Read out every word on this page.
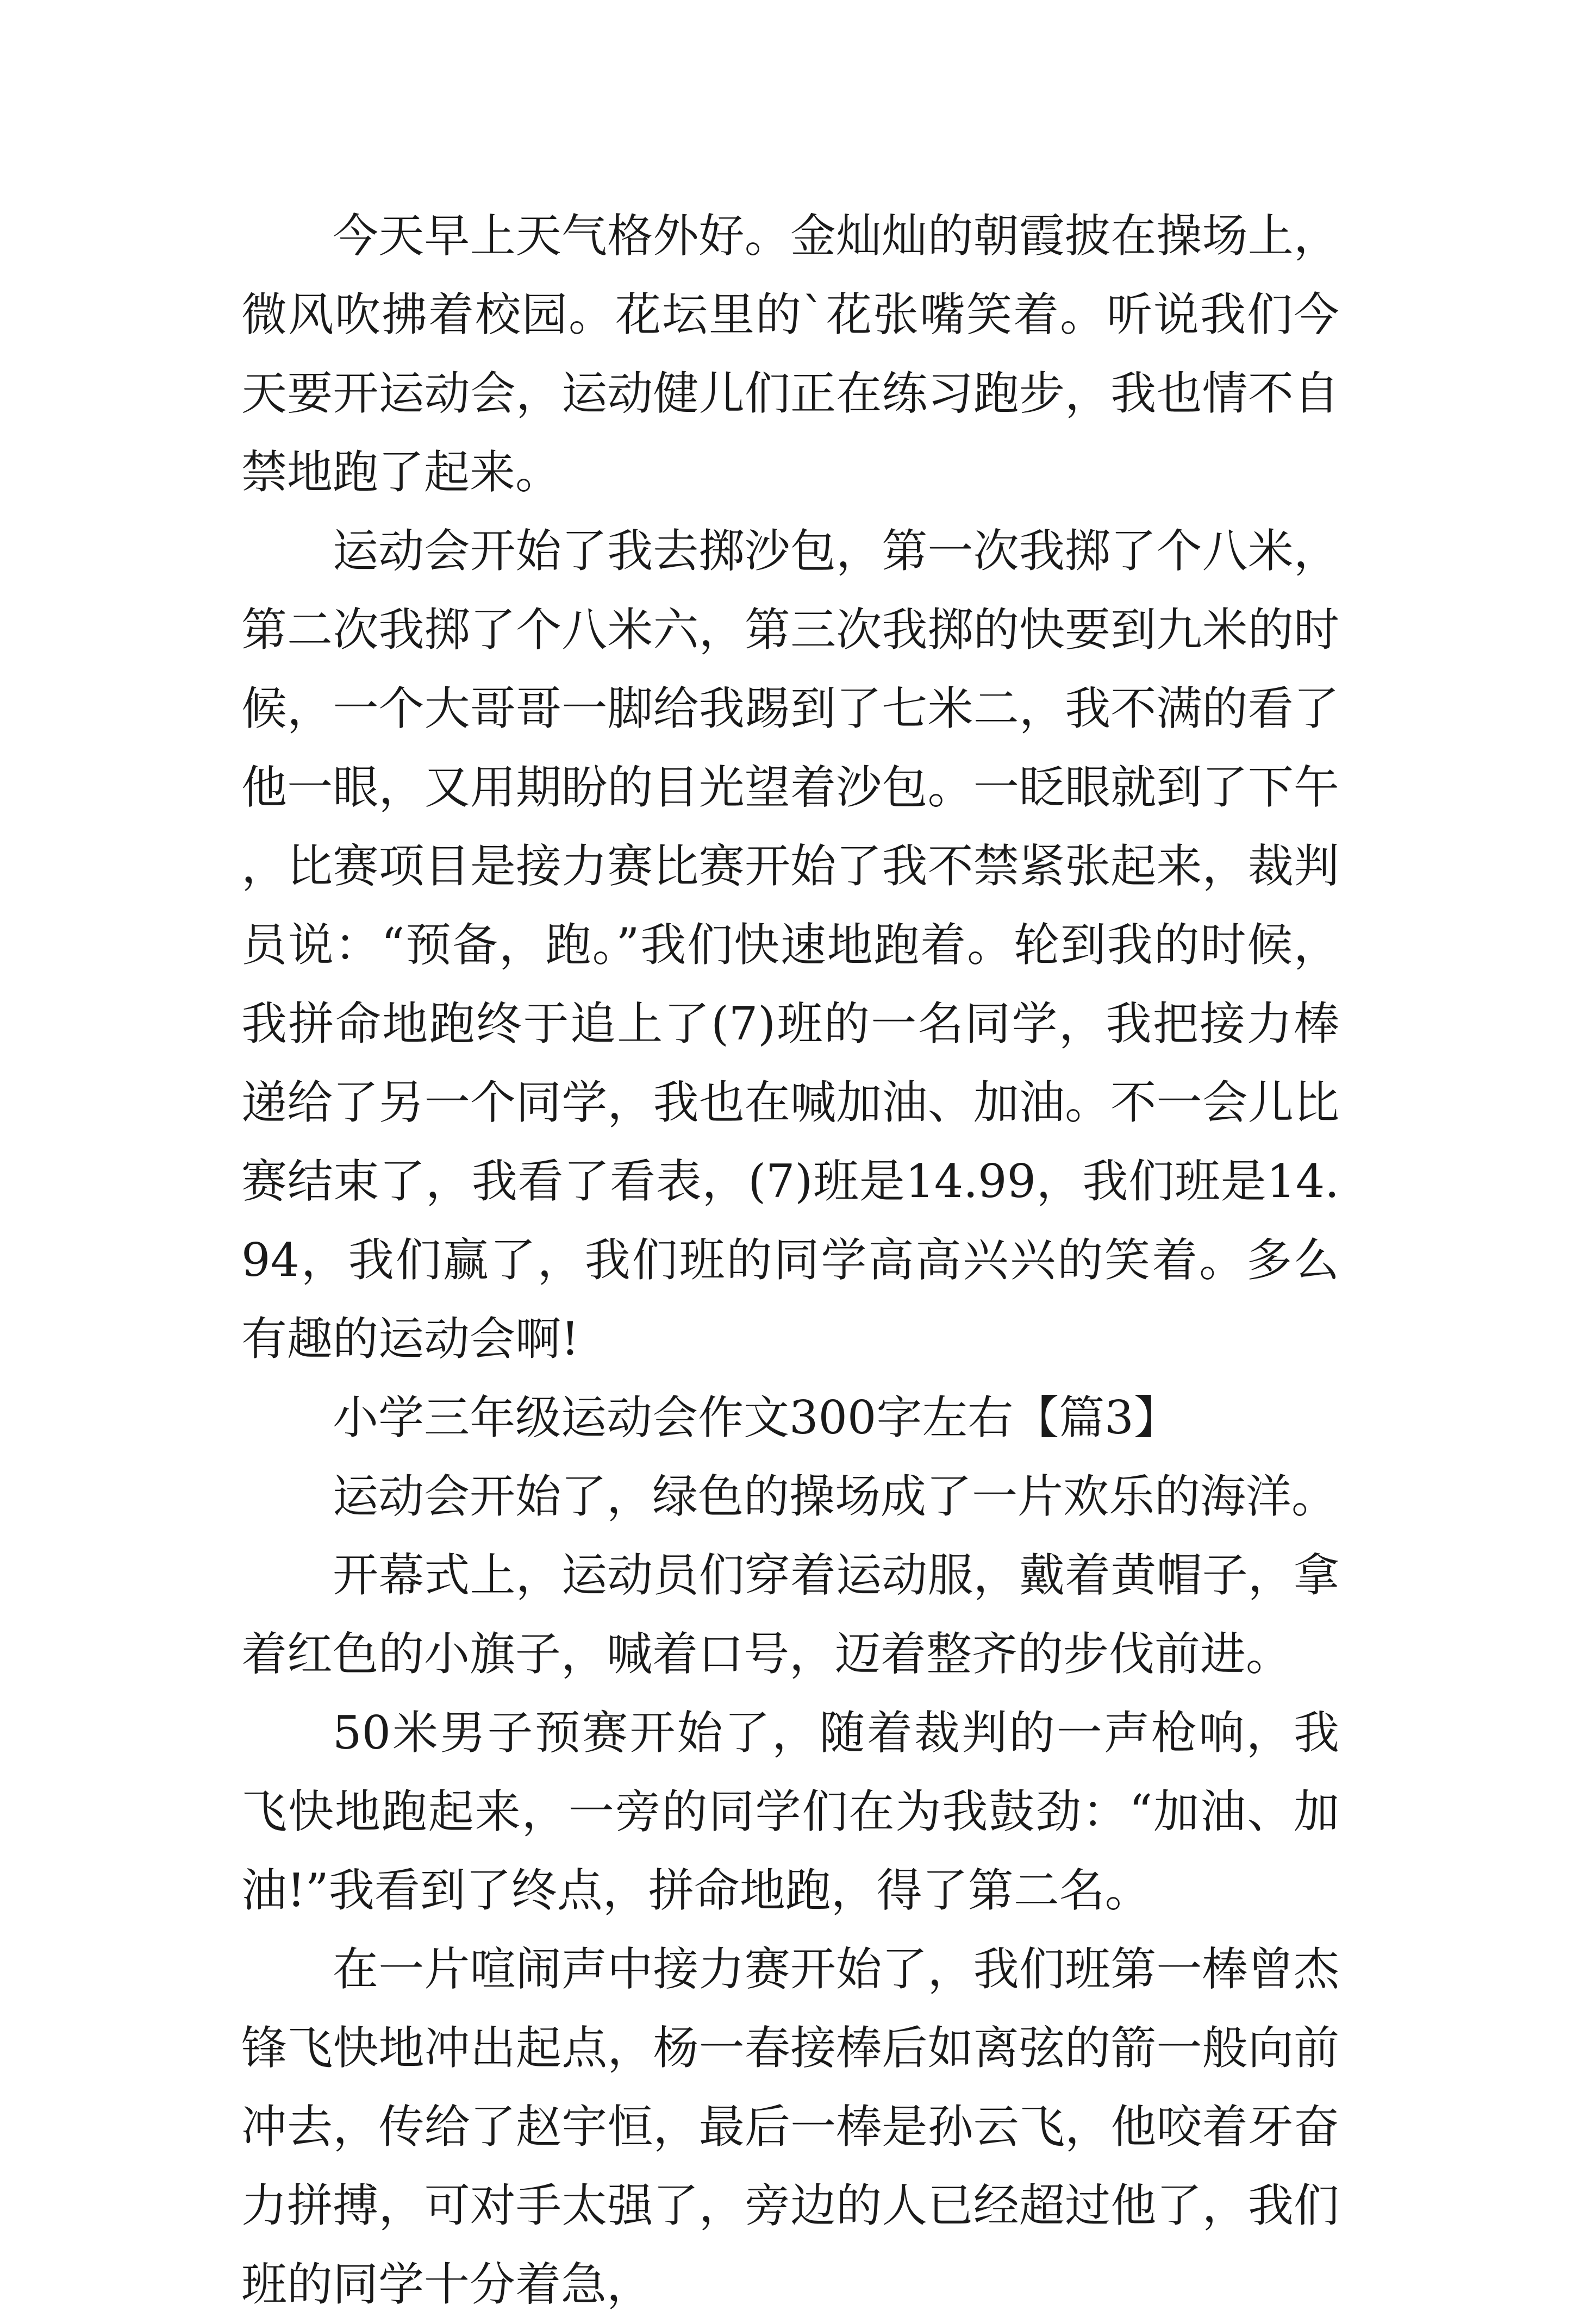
今天早上天气格外好。金灿灿的朝霞披在操场上，微风吹拂着校园。花坛里的`花张嘴笑着。听说我们今天要开运动会，运动健儿们正在练习跑步，我也情不自禁地跑了起来。

运动会开始了我去掷沙包，第一次我掷了个八米，第二次我掷了个八米六，第三次我掷的快要到九米的时候，一个大哥哥一脚给我踢到了七米二，我不满的看了他一眼，又用期盼的目光望着沙包。一眨眼就到了下午，比赛项目是接力赛比赛开始了我不禁紧张起来，裁判员说：“预备，跑。”我们快速地跑着。轮到我的时候，我拼命地跑终于追上了(7)班的一名同学，我把接力棒递给了另一个同学，我也在喊加油、加油。不一会儿比赛结束了，我看了看表，(7)班是14.99，我们班是14.94，我们赢了，我们班的同学高高兴兴的笑着。多么有趣的运动会啊!

小学三年级运动会作文300字左右【篇3】

运动会开始了，绿色的操场成了一片欢乐的海洋。

开幕式上，运动员们穿着运动服，戴着黄帽子，拿着红色的小旗子，喊着口号，迈着整齐的步伐前进。

50米男子预赛开始了，随着裁判的一声枪响，我飞快地跑起来，一旁的同学们在为我鼓劲：“加油、加油!”我看到了终点，拼命地跑，得了第二名。

在一片喧闹声中接力赛开始了，我们班第一棒曾杰锋飞快地冲出起点，杨一春接棒后如离弦的箭一般向前冲去，传给了赵宇恒，最后一棒是孙云飞，他咬着牙奋力拼搏，可对手太强了，旁边的人已经超过他了，我们班的同学十分着急，
